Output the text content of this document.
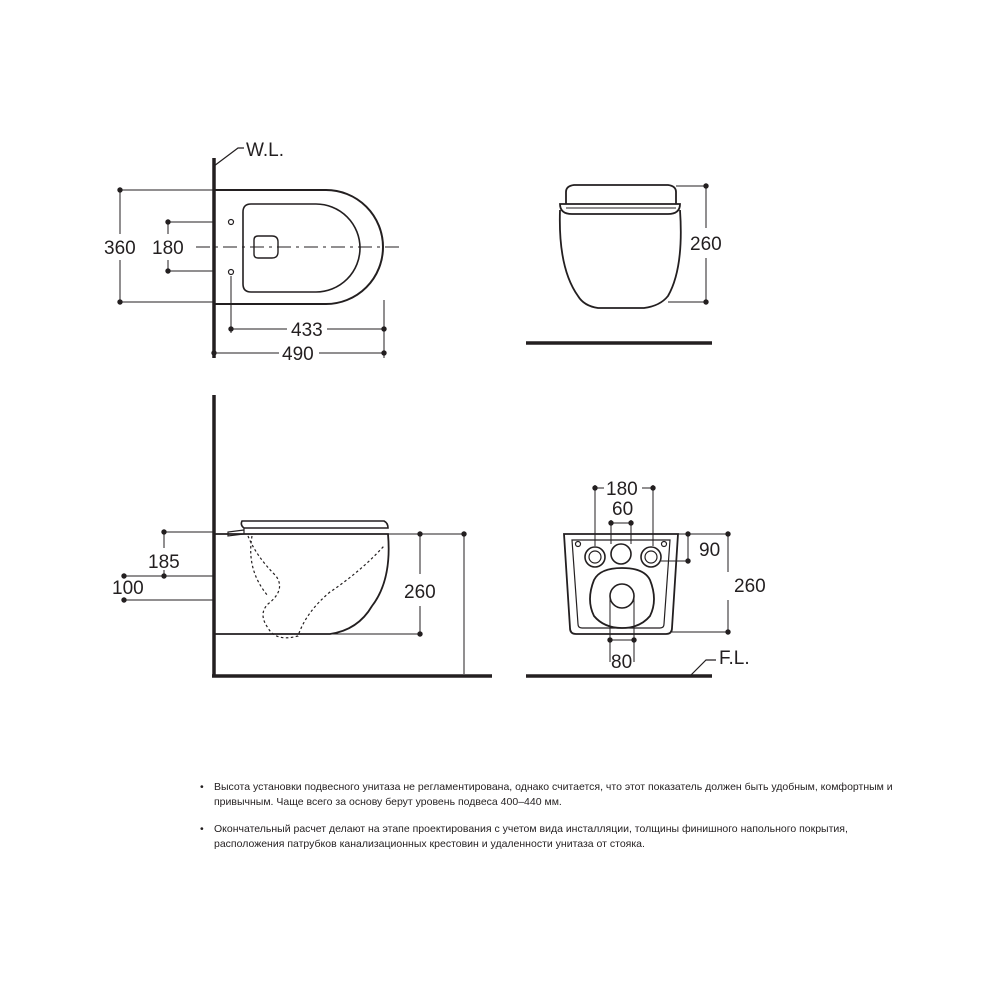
W.L.
360 180
433
490
260
185
100	260
180
60
90
260
80	F.L.
• Высота установки подвесного унитаза не регламентирована, однако считается, что этот показатель должен быть удобным, комфортным и привычным. Чаще всего за основу берут уровень подвеса 400–440 мм.
• Окончательный расчет делают на этапе проектирования с учетом вида инсталляции, толщины финишного напольного покрытия, расположения патрубков канализационных крестовин и удаленности унитаза от стояка.
